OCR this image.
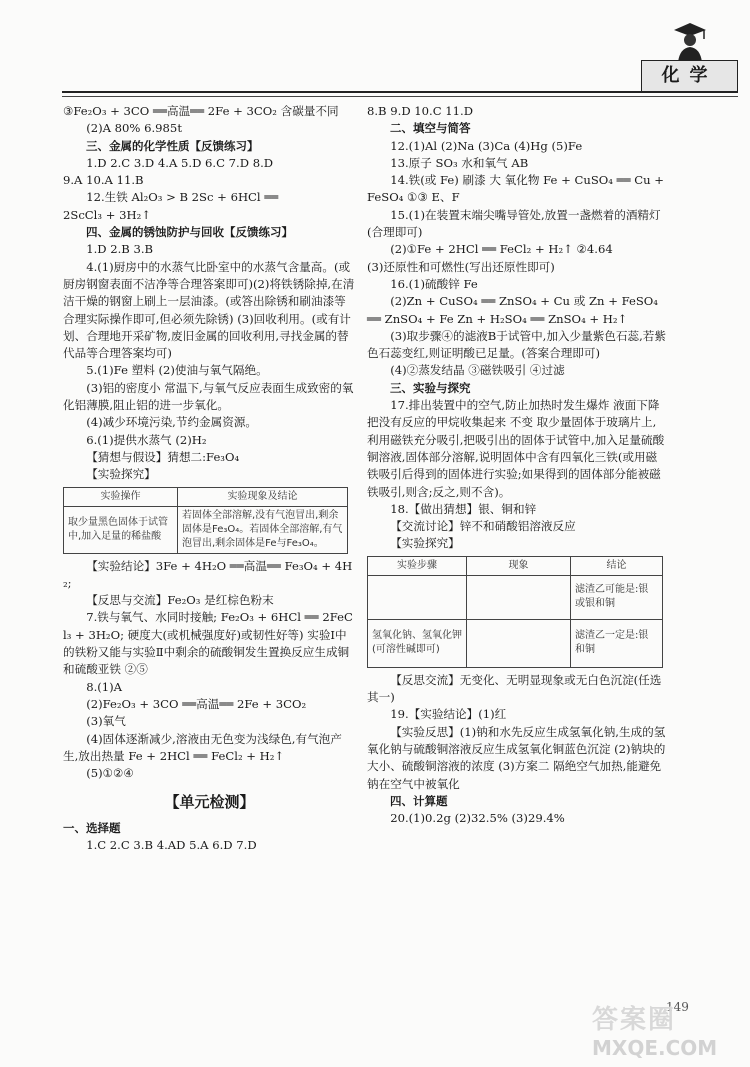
化学

③Fe₂O₃ + 3CO ══高温══ 2Fe + 3CO₂ 含碳量不同

(2)A 80% 6.985t

三、金属的化学性质【反馈练习】

1.D 2.C 3.D 4.A 5.D 6.C 7.D 8.D

9.A 10.A 11.B

12.生铁 Al₂O₃ > B 2Sc + 6HCl ══

2ScCl₃ + 3H₂↑

四、金属的锈蚀防护与回收【反馈练习】

1.D 2.B 3.B

4.(1)厨房中的水蒸气比卧室中的水蒸气含量高。(或厨房钢窗表面不洁净等合理答案即可)(2)将铁锈除掉,在清洁干燥的钢窗上刷上一层油漆。(或答出除锈和刷油漆等合理实际操作即可,但必须先除锈) (3)回收利用。(或有计划、合理地开采矿物,废旧金属的回收利用,寻找金属的替代品等合理答案均可)

5.(1)Fe 塑料 (2)使油与氧气隔绝。

(3)铝的密度小 常温下,与氧气反应表面生成致密的氧化铝薄膜,阻止铝的进一步氧化。

(4)减少环境污染,节约金属资源。

6.(1)提供水蒸气 (2)H₂

【猜想与假设】猜想二:Fe₃O₄

【实验探究】

实验操作	实验现象及结论
取少量黑色固体于试管中,加入足量的稀盐酸	若固体全部溶解,没有气泡冒出,剩余固体是Fe₃O₄。若固体全部溶解,有气泡冒出,剩余固体是Fe与Fe₃O₄。

【实验结论】3Fe + 4H₂O ══高温══ Fe₃O₄ + 4H₂;

【反思与交流】Fe₂O₃ 是红棕色粉末

7.铁与氧气、水同时接触; Fe₂O₃ + 6HCl ══ 2FeCl₃ + 3H₂O; 硬度大(或机械强度好)或韧性好等) 实验Ⅰ中的铁粉又能与实验Ⅱ中剩余的硫酸铜发生置换反应生成铜和硫酸亚铁 ②⑤

8.(1)A

(2)Fe₂O₃ + 3CO ══高温══ 2Fe + 3CO₂

(3)氧气

(4)固体逐渐减少,溶液由无色变为浅绿色,有气泡产生,放出热量 Fe + 2HCl ══ FeCl₂ + H₂↑

(5)①②④

【单元检测】

一、选择题

1.C 2.C 3.B 4.AD 5.A 6.D 7.D

8.B 9.D 10.C 11.D

二、填空与简答

12.(1)Al (2)Na (3)Ca (4)Hg (5)Fe

13.原子 SO₃ 水和氧气 AB

14.铁(或 Fe) 刷漆 大 氧化物 Fe + CuSO₄ ══ Cu + FeSO₄ ①③ E、F

15.(1)在装置末端尖嘴导管处,放置一盏燃着的酒精灯(合理即可)

(2)①Fe + 2HCl ══ FeCl₂ + H₂↑ ②4.64

(3)还原性和可燃性(写出还原性即可)

16.(1)硫酸锌 Fe

(2)Zn + CuSO₄ ══ ZnSO₄ + Cu 或 Zn + FeSO₄ ══ ZnSO₄ + Fe Zn + H₂SO₄ ══ ZnSO₄ + H₂↑

(3)取步骤④的滤液B于试管中,加入少量紫色石蕊,若紫色石蕊变红,则证明酸已足量。(答案合理即可)

(4)②蒸发结晶 ③磁铁吸引 ④过滤

三、实验与探究

17.排出装置中的空气,防止加热时发生爆炸 液面下降 把没有反应的甲烷收集起来 不变 取少量固体于玻璃片上,利用磁铁充分吸引,把吸引出的固体于试管中,加入足量硫酸铜溶液,固体部分溶解,说明固体中含有四氧化三铁(或用磁铁吸引后得到的固体进行实验;如果得到的固体部分能被磁铁吸引,则含;反之,则不含)。

18.【做出猜想】银、铜和锌

【交流讨论】锌不和硝酸铝溶液反应

【实验探究】

实验步骤	现象	结论
		滤渣乙可能是:银或银和铜
氢氧化钠、氢氧化钾(可溶性碱即可)		滤渣乙一定是:银和铜

【反思交流】无变化、无明显现象或无白色沉淀(任选其一)

19.【实验结论】(1)红

【实验反思】(1)钠和水先反应生成氢氧化钠,生成的氢氧化钠与硫酸铜溶液反应生成氢氧化铜蓝色沉淀 (2)钠块的大小、硫酸铜溶液的浓度 (3)方案二 隔绝空气加热,能避免钠在空气中被氧化

四、计算题

20.(1)0.2g (2)32.5% (3)29.4%

149
答案圈
MXQE.COM
